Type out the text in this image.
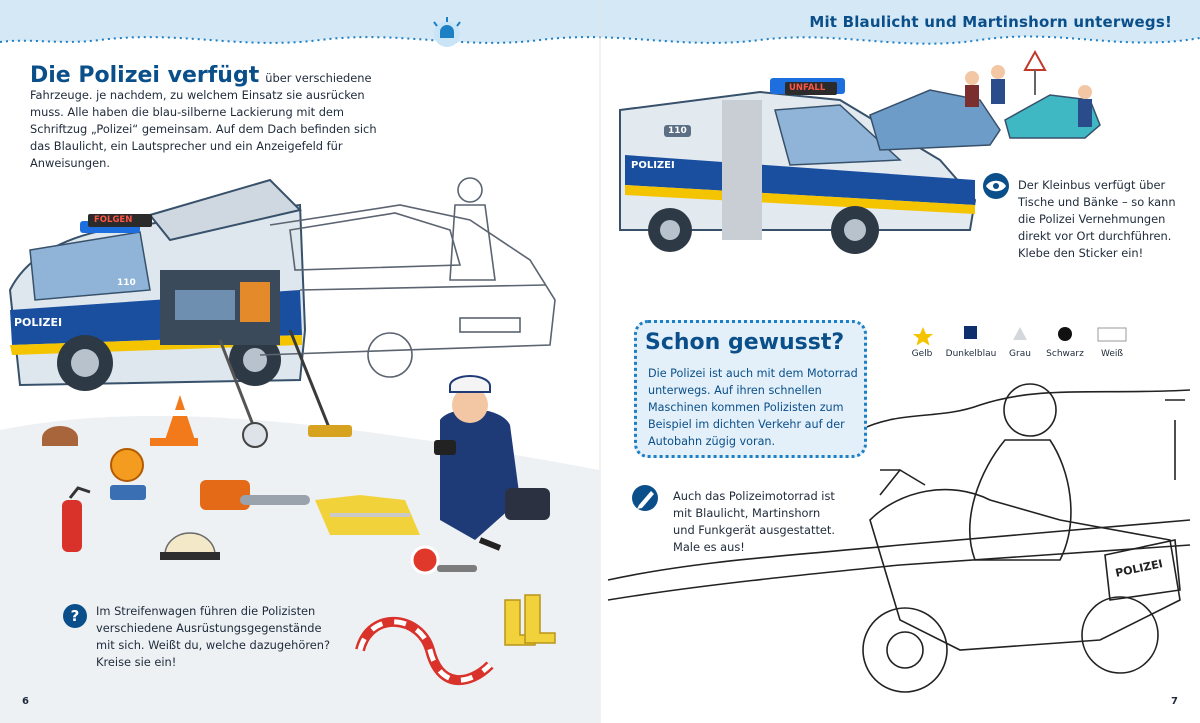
Mit Blaulicht und Martinshorn unterwegs!
Die Polizei verfügt über verschiedene Fahrzeuge. je nachdem, zu welchem Einsatz sie ausrücken muss. Alle haben die blau-silberne Lackierung mit dem Schriftzug „Polizei“ gemeinsam. Auf dem Dach befinden sich das Blaulicht, ein Lautsprecher und ein Anzeigefeld für Anweisungen.
FOLGEN
110
POLIZEI
?	Im Streifenwagen führen die Polizisten verschiedene Ausrüstungsgegenstände mit sich. Weißt du, welche dazugehören? Kreise sie ein!
UNFALL
110
POLIZEI
Der Kleinbus verfügt über Tische und Bänke – so kann die Polizei Vernehmungen direkt vor Ort durchführen. Klebe den Sticker ein!
Schon gewusst?
Die Polizei ist auch mit dem Motorrad unterwegs. Auf ihren schnellen Maschinen kommen Polizisten zum Beispiel im dichten Verkehr auf der Autobahn zügig voran.
Gelb	Dunkelblau	Grau	Schwarz	Weiß
Auch das Polizeimotorrad ist mit Blaulicht, Martinshorn und Funkgerät ausgestattet. Male es aus!
POLIZEI
6	7
